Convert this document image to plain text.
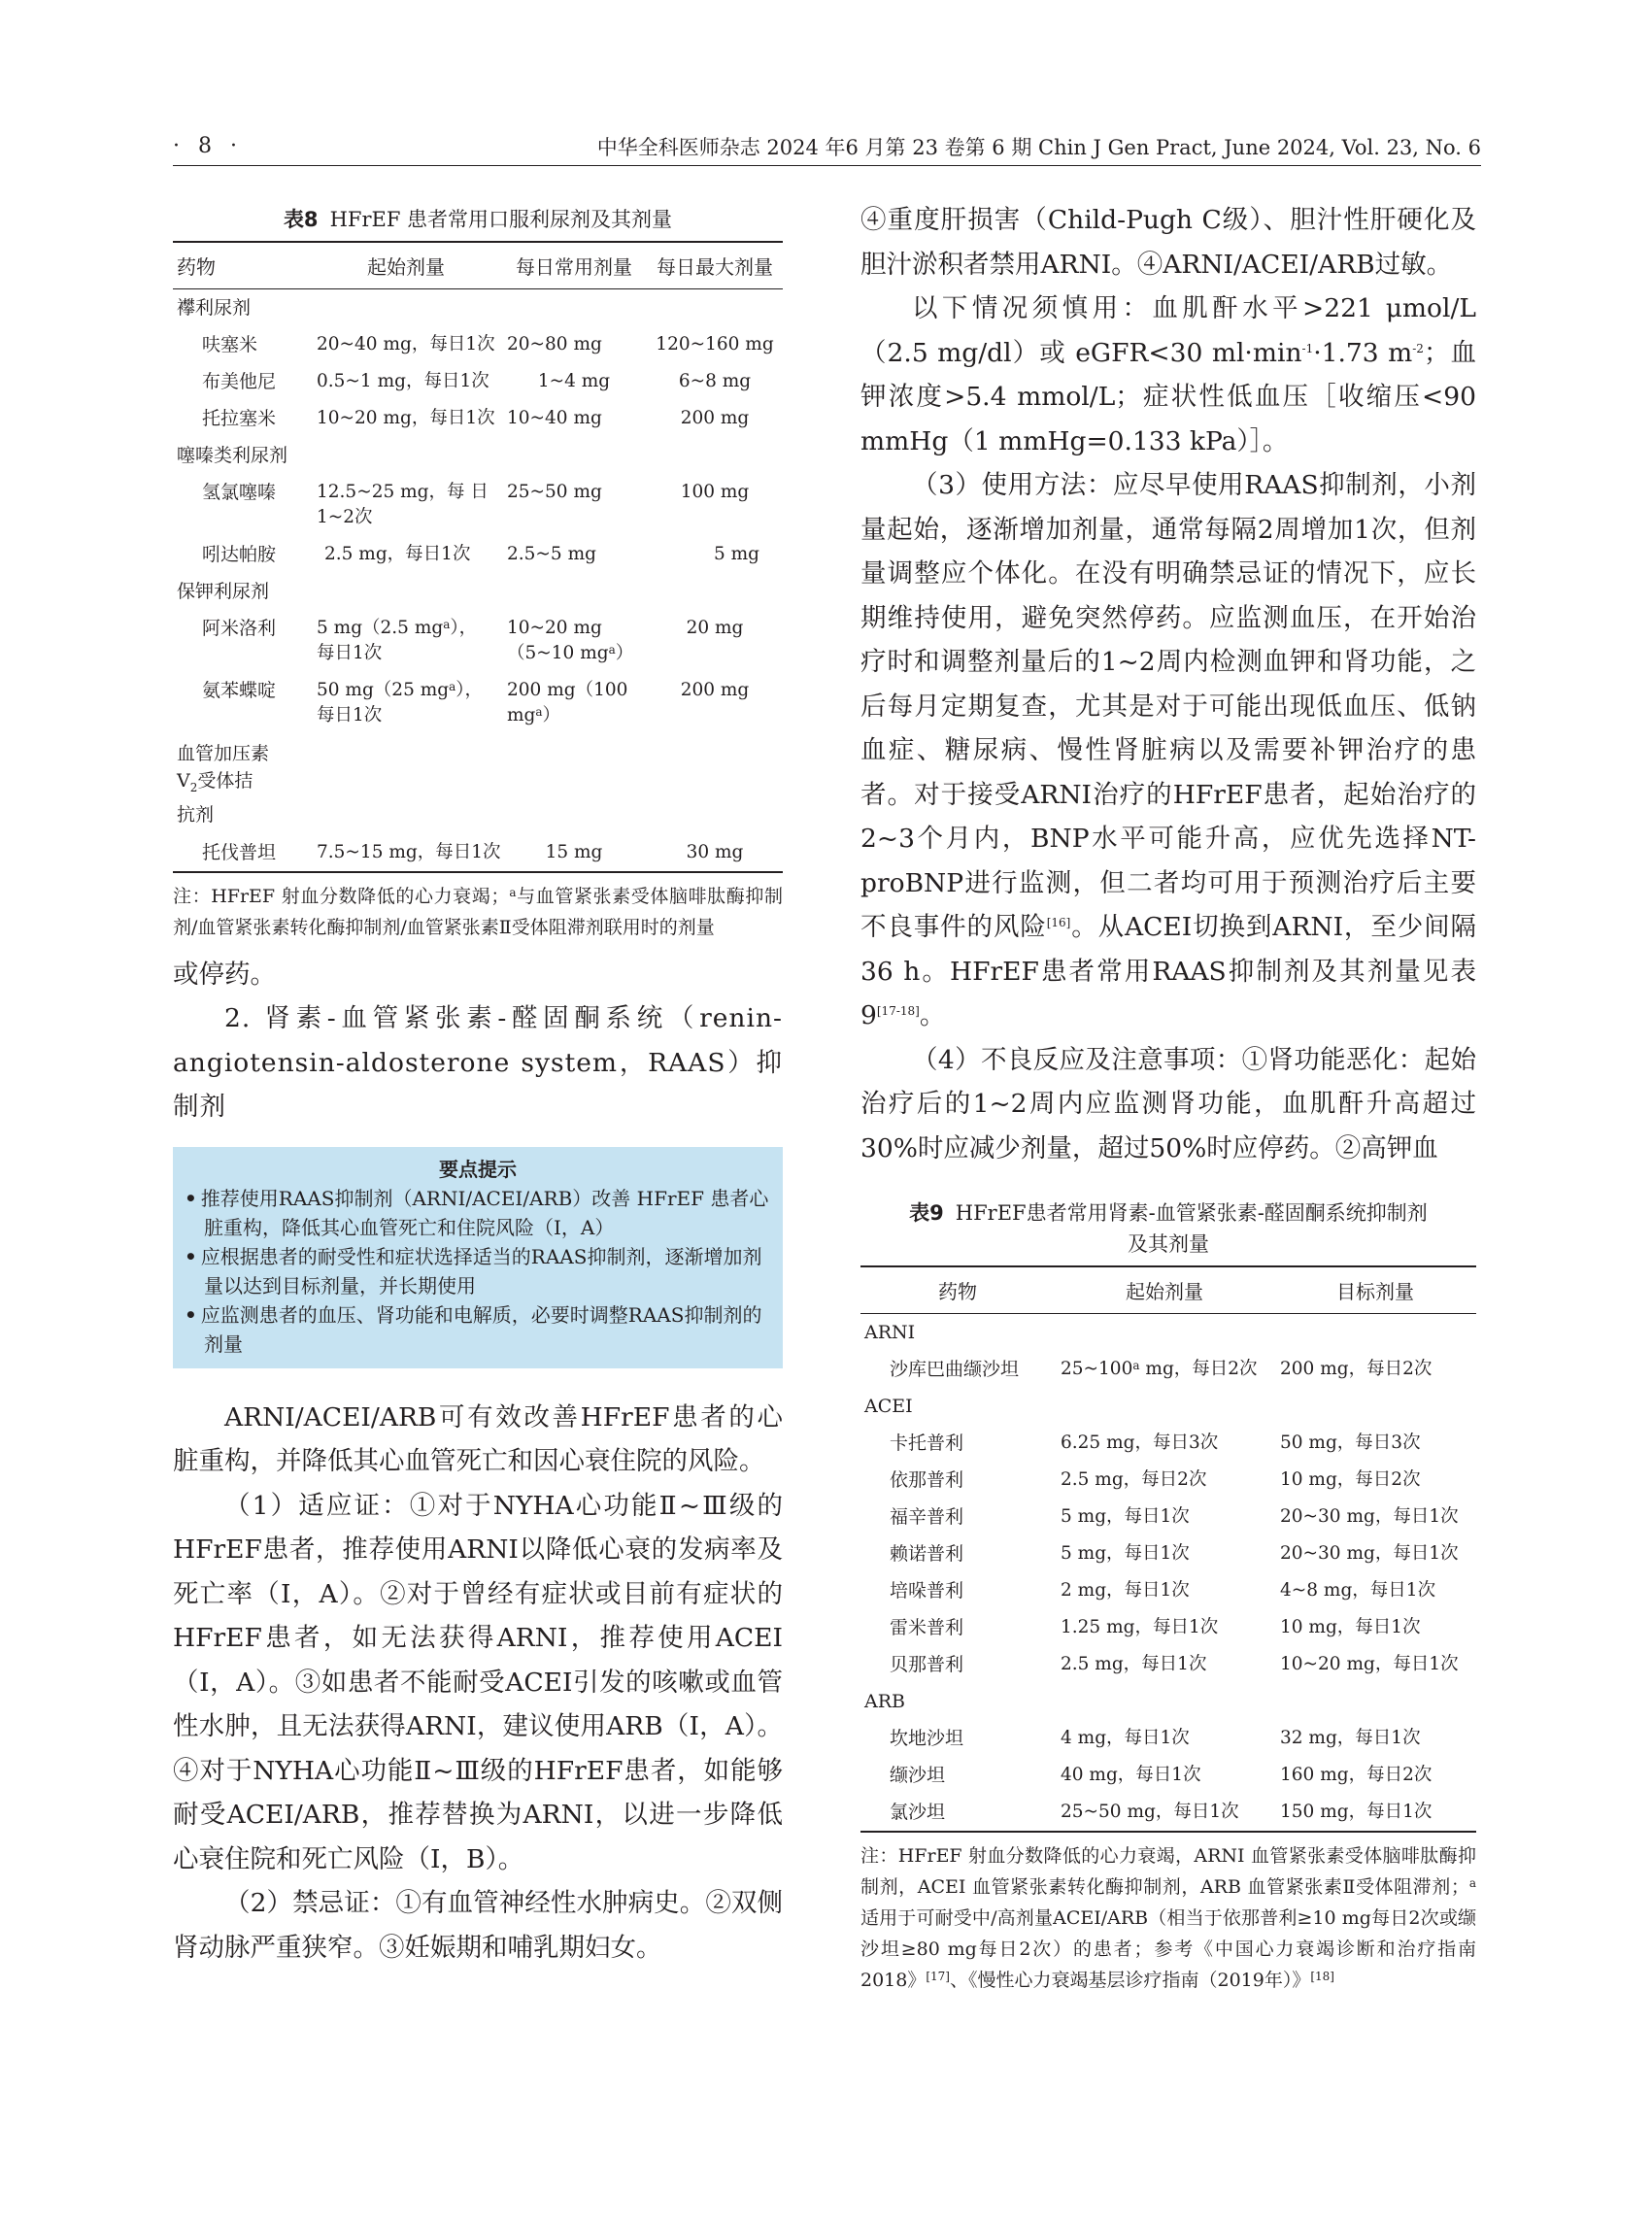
· 8 ·	中华全科医师杂志 2024 年6 月第 23 卷第 6 期 Chin J Gen Pract, June 2024, Vol. 23, No. 6
表8 HFrEF 患者常用口服利尿剂及其剂量
药物	起始剂量	每日常用剂量	每日最大剂量
襻利尿剂			
呋塞米	20~40 mg，每日1次	20~80 mg	120~160 mg
布美他尼	0.5~1 mg，每日1次	1~4 mg	6~8 mg
托拉塞米	10~20 mg，每日1次	10~40 mg	200 mg
噻嗪类利尿剂			
氢氯噻嗪	12.5~25 mg，每 日 1~2次	25~50 mg	100 mg
吲达帕胺	2.5 mg，每日1次	2.5~5 mg	5 mg
保钾利尿剂			
阿米洛利	5 mg（2.5 $mg^a$），每日1次	10~20 mg（5~10 $mg^a$）	20 mg
氨苯蝶啶	50 mg（25 $mg^a$），每日1次	200 mg（100 $mg^a$）	200 mg
血管加压素
$V_2$受体拮
抗剂			
托伐普坦	7.5~15 mg，每日1次	15 mg	30 mg
注：HFrEF 射血分数降低的心力衰竭；$^a$与血管紧张素受体脑啡肽酶抑制剂/血管紧张素转化酶抑制剂/血管紧张素Ⅱ受体阻滞剂联用时的剂量

或停药。

2. 肾素-血管紧张素-醛固酮系统（renin-angiotensin-aldosterone system，RAAS）抑制剂

要点提示
• 推荐使用RAAS抑制剂（ARNI/ACEI/ARB）改善 HFrEF 患者心脏重构，降低其心血管死亡和住院风险（Ⅰ，A）
• 应根据患者的耐受性和症状选择适当的RAAS抑制剂，逐渐增加剂量以达到目标剂量，并长期使用
• 应监测患者的血压、肾功能和电解质，必要时调整RAAS抑制剂的剂量

ARNI/ACEI/ARB可有效改善HFrEF患者的心脏重构，并降低其心血管死亡和因心衰住院的风险。

（1）适应证：①对于NYHA心功能Ⅱ~Ⅲ级的HFrEF患者，推荐使用ARNI以降低心衰的发病率及死亡率（Ⅰ，A）。②对于曾经有症状或目前有症状的HFrEF患者，如无法获得ARNI，推荐使用ACEI（Ⅰ，A）。③如患者不能耐受ACEI引发的咳嗽或血管性水肿，且无法获得ARNI，建议使用ARB（Ⅰ，A）。④对于NYHA心功能Ⅱ~Ⅲ级的HFrEF患者，如能够耐受ACEI/ARB，推荐替换为ARNI，以进一步降低心衰住院和死亡风险（Ⅰ，B）。

（2）禁忌证：①有血管神经性水肿病史。②双侧肾动脉严重狭窄。③妊娠期和哺乳期妇女。

④重度肝损害（Child-Pugh C级）、胆汁性肝硬化及胆汁淤积者禁用ARNI。④ARNI/ACEI/ARB过敏。

以下情况须慎用：血肌酐水平>221 μmol/L（2.5 mg/dl）或 eGFR<30 $ml\cdot\min^{-1}\cdot 1.73$ $m^{-2}$；血钾浓度>5.4 mmol/L；症状性低血压［收缩压<90 mmHg（1 mmHg=0.133 kPa）］。

（3）使用方法：应尽早使用RAAS抑制剂，小剂量起始，逐渐增加剂量，通常每隔2周增加1次，但剂量调整应个体化。在没有明确禁忌证的情况下，应长期维持使用，避免突然停药。应监测血压，在开始治疗时和调整剂量后的1~2周内检测血钾和肾功能，之后每月定期复查，尤其是对于可能出现低血压、低钠血症、糖尿病、慢性肾脏病以及需要补钾治疗的患者。对于接受ARNI治疗的HFrEF患者，起始治疗的2~3个月内，BNP水平可能升高，应优先选择NT-proBNP进行监测，但二者均可用于预测治疗后主要不良事件的风险[16]。从ACEI切换到ARNI，至少间隔36 h。HFrEF患者常用RAAS抑制剂及其剂量见表9[17-18]。

（4）不良反应及注意事项：①肾功能恶化：起始治疗后的1~2周内应监测肾功能，血肌酐升高超过30%时应减少剂量，超过50%时应停药。②高钾血

表9 HFrEF患者常用肾素-血管紧张素-醛固酮系统抑制剂
及其剂量
药物	起始剂量	目标剂量
ARNI		
沙库巴曲缬沙坦	25~100$^a$ mg，每日2次	200 mg，每日2次
ACEI		
卡托普利	6.25 mg，每日3次	50 mg，每日3次
依那普利	2.5 mg，每日2次	10 mg，每日2次
福辛普利	5 mg，每日1次	20~30 mg，每日1次
赖诺普利	5 mg，每日1次	20~30 mg，每日1次
培哚普利	2 mg，每日1次	4~8 mg，每日1次
雷米普利	1.25 mg，每日1次	10 mg，每日1次
贝那普利	2.5 mg，每日1次	10~20 mg，每日1次
ARB		
坎地沙坦	4 mg，每日1次	32 mg，每日1次
缬沙坦	40 mg，每日1次	160 mg，每日2次
氯沙坦	25~50 mg，每日1次	150 mg，每日1次
注：HFrEF 射血分数降低的心力衰竭，ARNI 血管紧张素受体脑啡肽酶抑制剂，ACEI 血管紧张素转化酶抑制剂，ARB 血管紧张素Ⅱ受体阻滞剂；$^a$适用于可耐受中/高剂量ACEI/ARB（相当于依那普利≥10 mg每日2次或缬沙坦≥80 mg每日2次）的患者；参考《中国心力衰竭诊断和治疗指南2018》[17]、《慢性心力衰竭基层诊疗指南（2019年）》[18]
